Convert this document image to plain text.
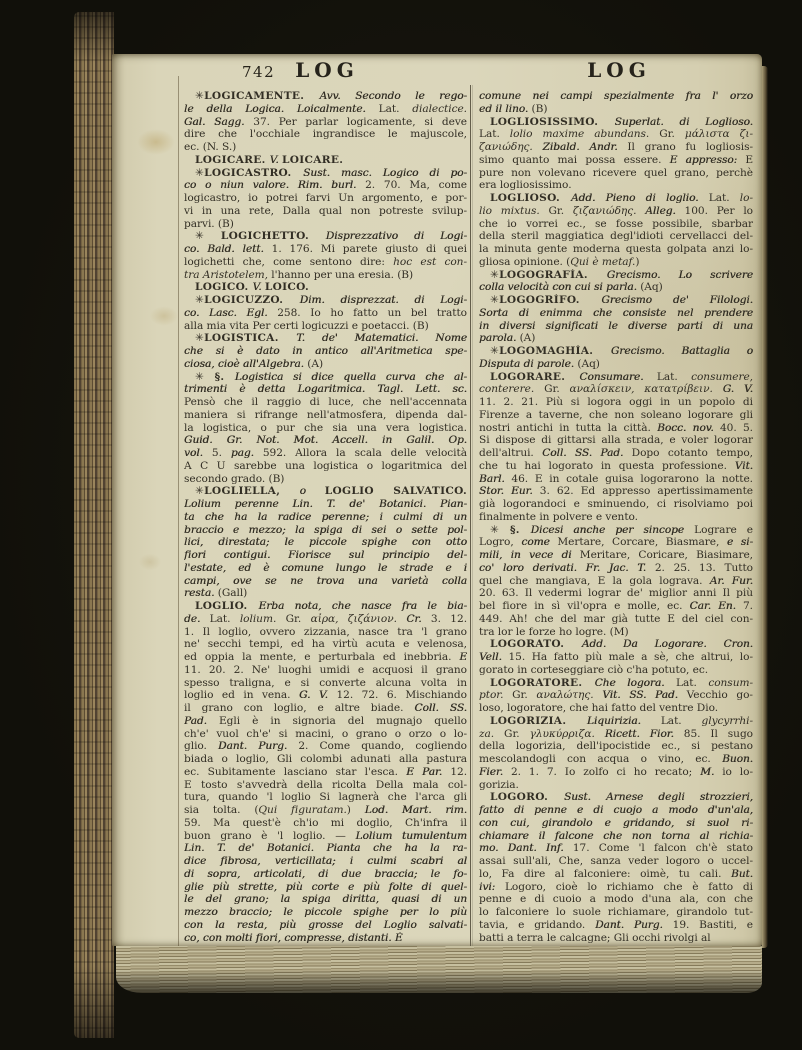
742	LOG	LOG
✳LOGICAMENTE. Avv. Secondo le rego-
le della Logica. Loicalmente. Lat. dialectice.
Gal. Sagg. 37. Per parlar logicamente, si deve
dire che l'occhiale ingrandisce le majuscole,
ec. (N. S.)
LOGICARE. V. LOICARE.
✳LOGICASTRO. Sust. masc. Logico di po-
co o niun valore. Rim. burl. 2. 70. Ma, come
logicastro, io potrei farvi Un argomento, e por-
vi in una rete, Dalla qual non potreste svilup-
parvi. (B)
✳ LOGICHETTO. Disprezzativo di Logi-
co. Bald. lett. 1. 176. Mi parete giusto di quei
logichetti che, come sentono dire: hoc est con-
tra Aristotelem, l'hanno per una eresia. (B)
LOGICO. V. LOICO.
✳LOGICUZZO. Dim. disprezzat. di Logi-
co. Lasc. Egl. 258. Io ho fatto un bel tratto
alla mia vita Per certi logicuzzi e poetacci. (B)
✳LOGISTICA. T. de' Matematici. Nome
che si è dato in antico all'Aritmetica spe-
ciosa, cioè all'Algebra. (A)
✳ §. Logistica si dice quella curva che al-
trimenti è detta Logaritmica. Tagl. Lett. sc.
Pensò che il raggio di luce, che nell'accennata
maniera si rifrange nell'atmosfera, dipenda dal-
la logistica, o pur che sia una vera logistica.
Guid. Gr. Not. Mot. Accell. in Galil. Op.
vol. 5. pag. 592. Allora la scala delle velocità
A C U sarebbe una logistica o logaritmica del
secondo grado. (B)
✳LOGLIELLA, o LOGLIO SALVATICO.
Lolium perenne Lin. T. de' Botanici. Pian-
ta che ha la radice perenne; i culmi di un
braccio e mezzo; la spiga di sei o sette pol-
lici, direstata; le piccole spighe con otto
fiori contigui. Fiorisce sul principio del-
l'estate, ed è comune lungo le strade e i
campi, ove se ne trova una varietà colla
resta. (Gall)
LOGLIO. Erba nota, che nasce fra le bia-
de. Lat. lolium. Gr. αἶρα, ζιζάνιον. Cr. 3. 12.
1. Il loglio, ovvero zizzania, nasce tra 'l grano
ne' secchi tempi, ed ha virtù acuta e velenosa,
ed oppia la mente, e perturbala ed inebbria. E
11. 20. 2. Ne' luoghi umidi e acquosi il grano
spesso traligna, e si converte alcuna volta in
loglio ed in vena. G. V. 12. 72. 6. Mischiando
il grano con loglio, e altre biade. Coll. SS.
Pad. Egli è in signoria del mugnajo quello
ch'e' vuol ch'e' si macini, o grano o orzo o lo-
glio. Dant. Purg. 2. Come quando, cogliendo
biada o loglio, Gli colombi adunati alla pastura
ec. Subitamente lasciano star l'esca. E Par. 12.
E tosto s'avvedrà della ricolta Della mala col-
tura, quando 'l loglio Si lagnerà che l'arca gli
sia tolta. (Qui figuratam.) Lod. Mart. rim.
59. Ma quest'è ch'io mi doglio, Ch'infra il
buon grano è 'l loglio. — Lolium tumulentum
Lin. T. de' Botanici. Pianta che ha la ra-
dice fibrosa, verticillata; i culmi scabri al
di sopra, articolati, di due braccia; le fo-
glie più strette, più corte e più folte di quel-
le del grano; la spiga diritta, quasi di un
mezzo braccio; le piccole spighe per lo più
con la resta, più grosse del Loglio salvati-
co, con molti fiori, compresse, distanti. È
comune nei campi spezialmente fra l' orzo
ed il lino. (B)
LOGLIOSISSIMO. Superlat. di Loglioso.
Lat. lolio maxime abundans. Gr. μάλιστα ζι-
ζανιώδης. Zibald. Andr. Il grano fu logliosis-
simo quanto mai possa essere. E appresso: E
pure non volevano ricevere quel grano, perchè
era logliosissimo.
LOGLIOSO. Add. Pieno di loglio. Lat. lo-
lio mixtus. Gr. ζιζανιώδης. Alleg. 100. Per lo
che io vorrei ec., se fosse possibile, sbarbar
della steril maggiatica degl'idioti cervellacci del-
la minuta gente moderna questa golpata anzi lo-
gliosa opinione. (Qui è metaf.)
✳LOGOGRAFÌA. Grecismo. Lo scrivere
colla velocità con cui si parla. (Aq)
✳LOGOGRÌFO. Grecismo de' Filologi.
Sorta di enimma che consiste nel prendere
in diversi significati le diverse parti di una
parola. (A)
✳LOGOMAGHÌA. Grecismo. Battaglia o
Disputa di parole. (Aq)
LOGORARE. Consumare. Lat. consumere,
conterere. Gr. αναλίσκειν, κατατρίβειν. G. V.
11. 2. 21. Più si logora oggi in un popolo di
Firenze a taverne, che non soleano logorare gli
nostri antichi in tutta la città. Bocc. nov. 40. 5.
Si dispose di gittarsi alla strada, e voler logorar
dell'altrui. Coll. SS. Pad. Dopo cotanto tempo,
che tu hai logorato in questa professione. Vit.
Barl. 46. E in cotale guisa logorarono la notte.
Stor. Eur. 3. 62. Ed appresso apertissimamente
già logorandoci e sminuendo, ci risolviamo poi
finalmente in polvere e vento.
✳ §. Dicesi anche per sincope Lograre e
Logro, come Mertare, Corcare, Biasmare, e si-
mili, in vece di Meritare, Coricare, Biasimare,
co' loro derivati. Fr. Jac. T. 2. 25. 13. Tutto
quel che mangiava, E la gola lograva. Ar. Fur.
20. 63. Il vedermi lograr de' miglior anni Il più
bel fiore in sì vil'opra e molle, ec. Car. En. 7.
449. Ah! che del mar già tutte E del ciel con-
tra lor le forze ho logre. (M)
LOGORATO. Add. Da Logorare. Cron.
Vell. 15. Ha fatto più male a sè, che altrui, lo-
gorato in corteseggiare ciò c'ha potuto, ec.
LOGORATORE. Che logora. Lat. consum-
ptor. Gr. αναλώτης. Vit. SS. Pad. Vecchio go-
loso, logoratore, che hai fatto del ventre Dio.
LOGORIZIA. Liquirizia. Lat. glycyrrhi-
za. Gr. γλυκύρριζα. Ricett. Fior. 85. Il sugo
della logorizia, dell'ipocistide ec., si pestano
mescolandogli con acqua o vino, ec. Buon.
Fier. 2. 1. 7. Io zolfo ci ho recato; M. io lo-
gorizia.
LOGORO. Sust. Arnese degli strozzieri,
fatto di penne e di cuojo a modo d'un'ala,
con cui, girandolo e gridando, si suol ri-
chiamare il falcone che non torna al richia-
mo. Dant. Inf. 17. Come 'l falcon ch'è stato
assai sull'ali, Che, sanza veder logoro o uccel-
lo, Fa dire al falconiere: oimè, tu cali. But.
ivi: Logoro, cioè lo richiamo che è fatto di
penne e di cuoio a modo d'una ala, con che
lo falconiere lo suole richiamare, girandolo tut-
tavia, e gridando. Dant. Purg. 19. Bastiti, e
batti a terra le calcagne; Gli occhi rivolgi al
